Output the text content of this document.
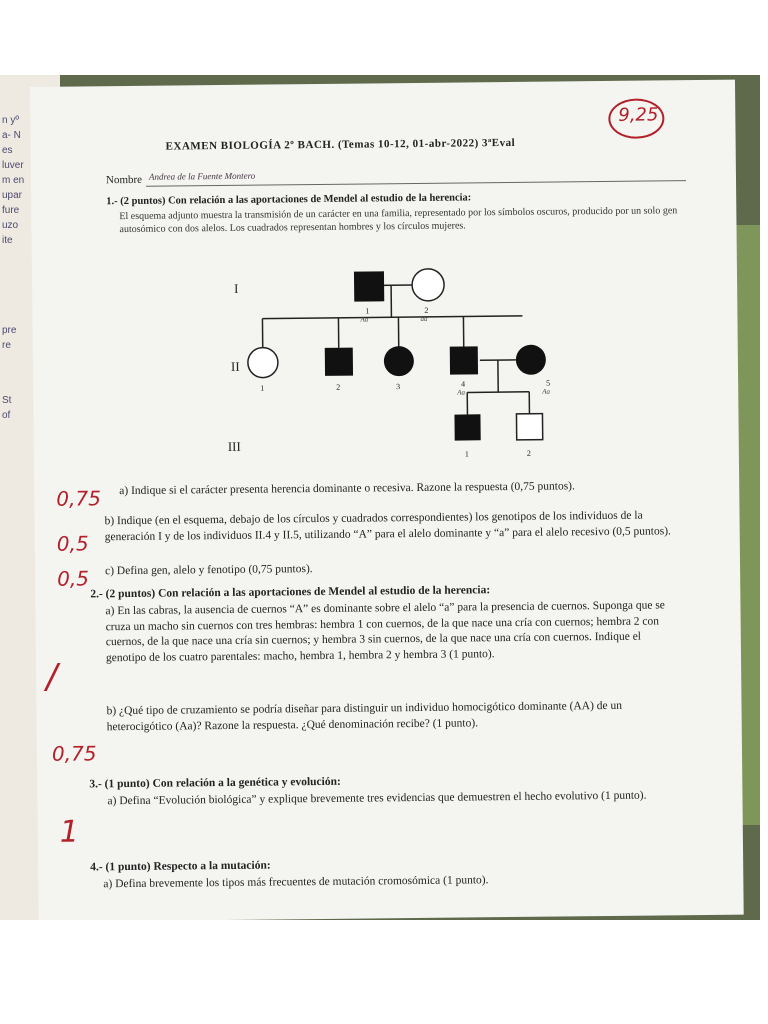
n yº
a- N
es
luver
m en
upar
fure
uzo
ite
pre
re
St
of
EXAMEN BIOLOGÍA 2º BACH. (Temas 10-12, 01-abr-2022) 3ªEval
9,25
Nombre Andrea de la Fuente Montero
1.- (2 puntos) Con relación a las aportaciones de Mendel al estudio de la herencia:
El esquema adjunto muestra la transmisión de un carácter en una familia, representado por los símbolos oscuros, producido por un solo gen autosómico con dos alelos. Los cuadrados representan hombres y los círculos mujeres.
I
II
III
1
Aa
2
aa
1	2	3	4
Aa
5
Aa
1	2
a) Indique si el carácter presenta herencia dominante o recesiva. Razone la respuesta (0,75 puntos).
b) Indique (en el esquema, debajo de los círculos y cuadrados correspondientes) los genotipos de los individuos de la generación I y de los individuos II.4 y II.5, utilizando “A” para el alelo dominante y “a” para el alelo recesivo (0,5 puntos).
c) Defina gen, alelo y fenotipo (0,75 puntos).
0,75
0,5
0,5
2.- (2 puntos) Con relación a las aportaciones de Mendel al estudio de la herencia:
a) En las cabras, la ausencia de cuernos “A” es dominante sobre el alelo “a” para la presencia de cuernos. Suponga que se cruza un macho sin cuernos con tres hembras: hembra 1 con cuernos, de la que nace una cría con cuernos; hembra 2 con cuernos, de la que nace una cría sin cuernos; y hembra 3 sin cuernos, de la que nace una cría con cuernos. Indique el genotipo de los cuatro parentales: macho, hembra 1, hembra 2 y hembra 3 (1 punto).
b) ¿Qué tipo de cruzamiento se podría diseñar para distinguir un individuo homocigótico dominante (AA) de un heterocigótico (Aa)? Razone la respuesta. ¿Qué denominación recibe? (1 punto).
/
0,75
3.- (1 punto) Con relación a la genética y evolución:
a) Defina “Evolución biológica” y explique brevemente tres evidencias que demuestren el hecho evolutivo (1 punto).
1
4.- (1 punto) Respecto a la mutación:
a) Defina brevemente los tipos más frecuentes de mutación cromosómica (1 punto).
